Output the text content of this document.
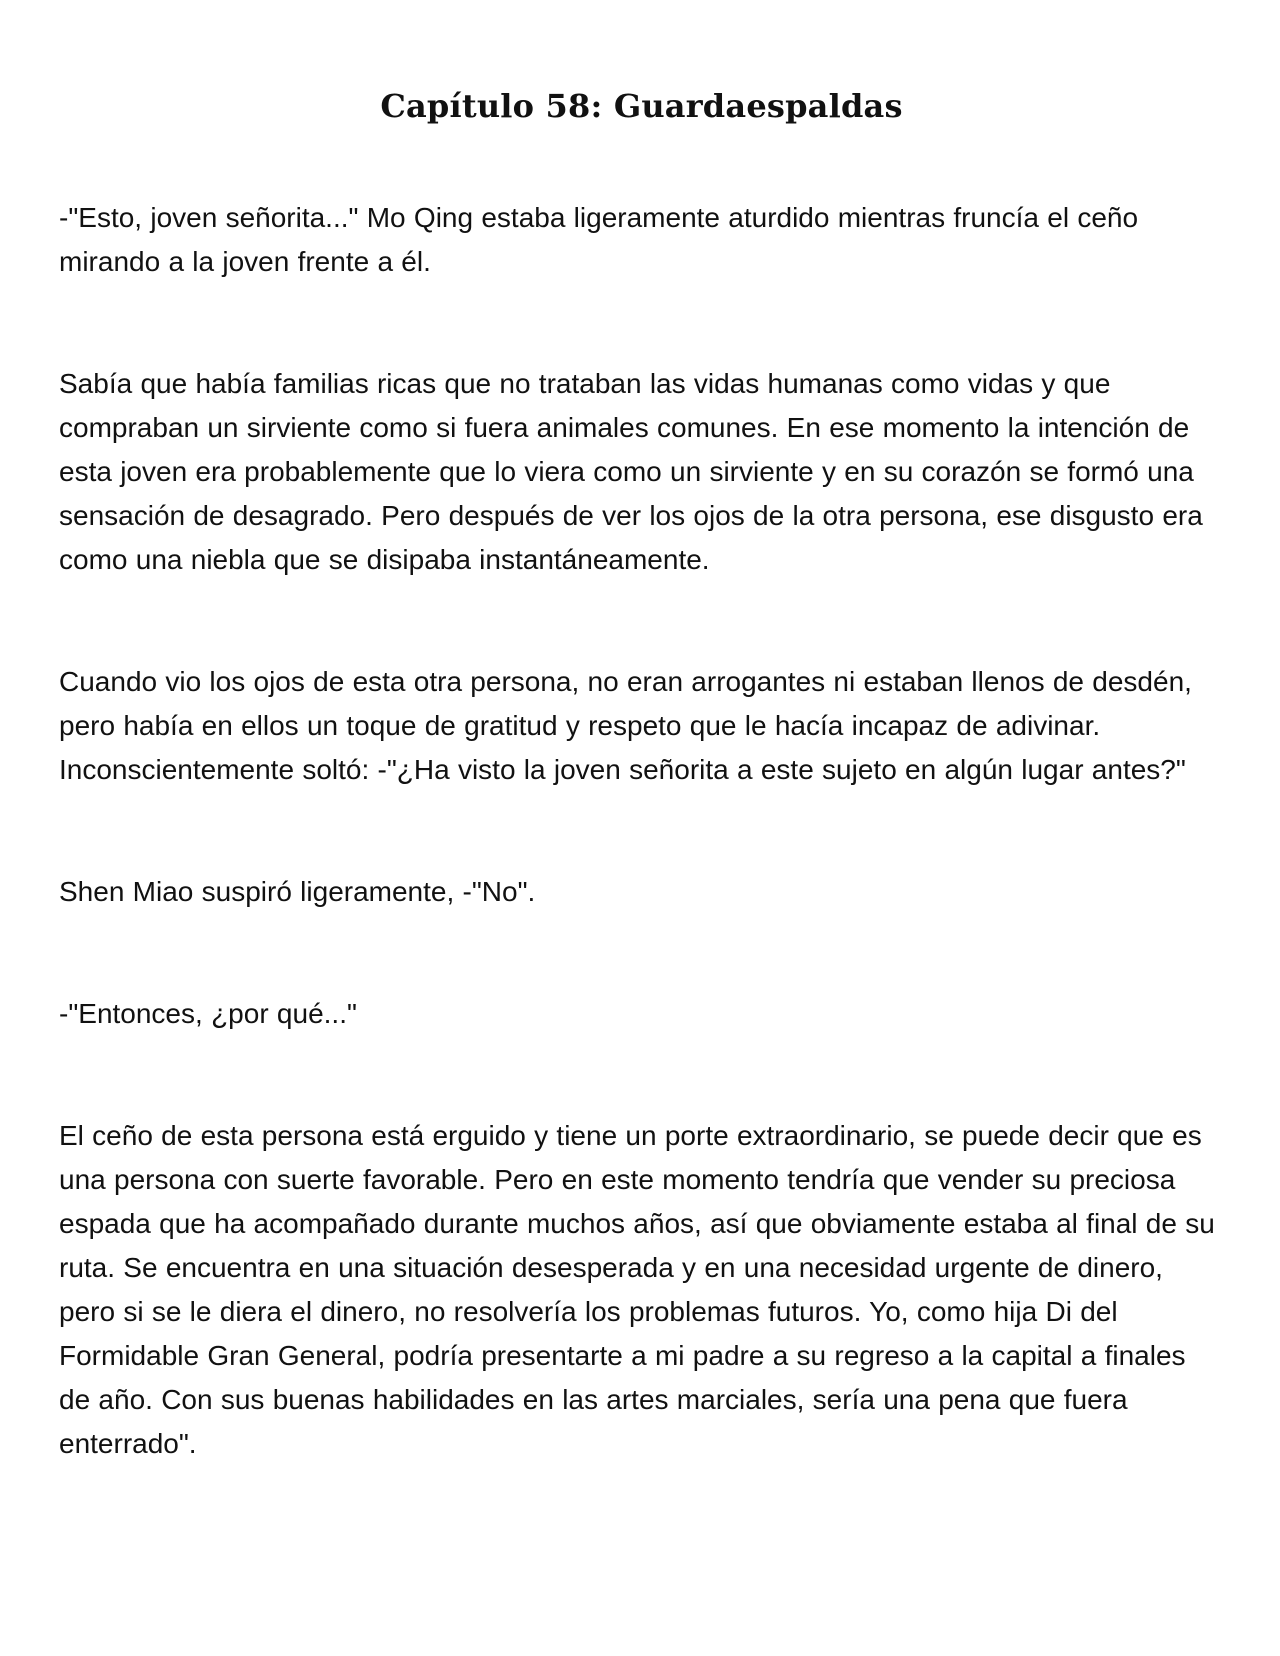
Capítulo 58: Guardaespaldas

-"Esto, joven señorita..." Mo Qing estaba ligeramente aturdido mientras fruncía el ceño mirando a la joven frente a él.

Sabía que había familias ricas que no trataban las vidas humanas como vidas y que compraban un sirviente como si fuera animales comunes. En ese momento la intención de esta joven era probablemente que lo viera como un sirviente y en su corazón se formó una sensación de desagrado. Pero después de ver los ojos de la otra persona, ese disgusto era como una niebla que se disipaba instantáneamente.

Cuando vio los ojos de esta otra persona, no eran arrogantes ni estaban llenos de desdén, pero había en ellos un toque de gratitud y respeto que le hacía incapaz de adivinar. Inconscientemente soltó: -"¿Ha visto la joven señorita a este sujeto en algún lugar antes?"

Shen Miao suspiró ligeramente, -"No".

-"Entonces, ¿por qué..."

El ceño de esta persona está erguido y tiene un porte extraordinario, se puede decir que es una persona con suerte favorable. Pero en este momento tendría que vender su preciosa espada que ha acompañado durante muchos años, así que obviamente estaba al final de su ruta. Se encuentra en una situación desesperada y en una necesidad urgente de dinero, pero si se le diera el dinero, no resolvería los problemas futuros. Yo, como hija Di del Formidable Gran General, podría presentarte a mi padre a su regreso a la capital a finales de año. Con sus buenas habilidades en las artes marciales, sería una pena que fuera enterrado".
